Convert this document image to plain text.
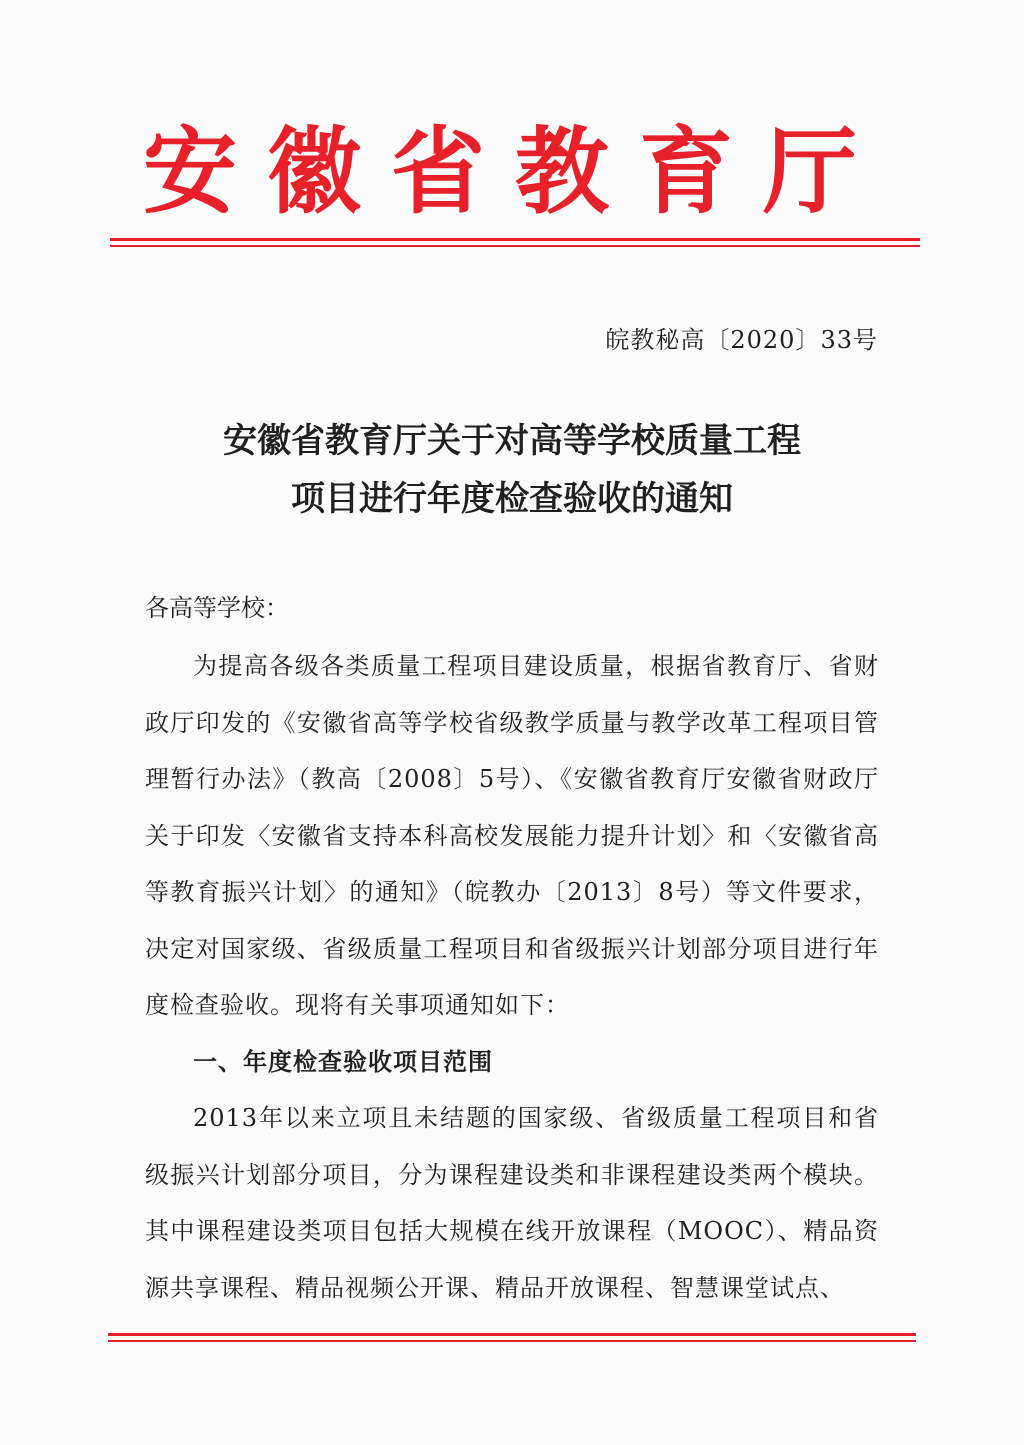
安徽省教育厅
皖教秘高〔2020〕33号
安徽省教育厅关于对高等学校质量工程
项目进行年度检查验收的通知
各高等学校：

为提高各级各类质量工程项目建设质量，根据省教育厅、省财政厅印发的《安徽省高等学校省级教学质量与教学改革工程项目管理暂行办法》（教高〔2008〕5号）、《安徽省教育厅安徽省财政厅关于印发〈安徽省支持本科高校发展能力提升计划〉和〈安徽省高等教育振兴计划〉的通知》（皖教办〔2013〕8号）等文件要求，决定对国家级、省级质量工程项目和省级振兴计划部分项目进行年度检查验收。现将有关事项通知如下：

一、年度检查验收项目范围

2013年以来立项且未结题的国家级、省级质量工程项目和省级振兴计划部分项目，分为课程建设类和非课程建设类两个模块。其中课程建设类项目包括大规模在线开放课程（MOOC）、精品资源共享课程、精品视频公开课、精品开放课程、智慧课堂试点、
